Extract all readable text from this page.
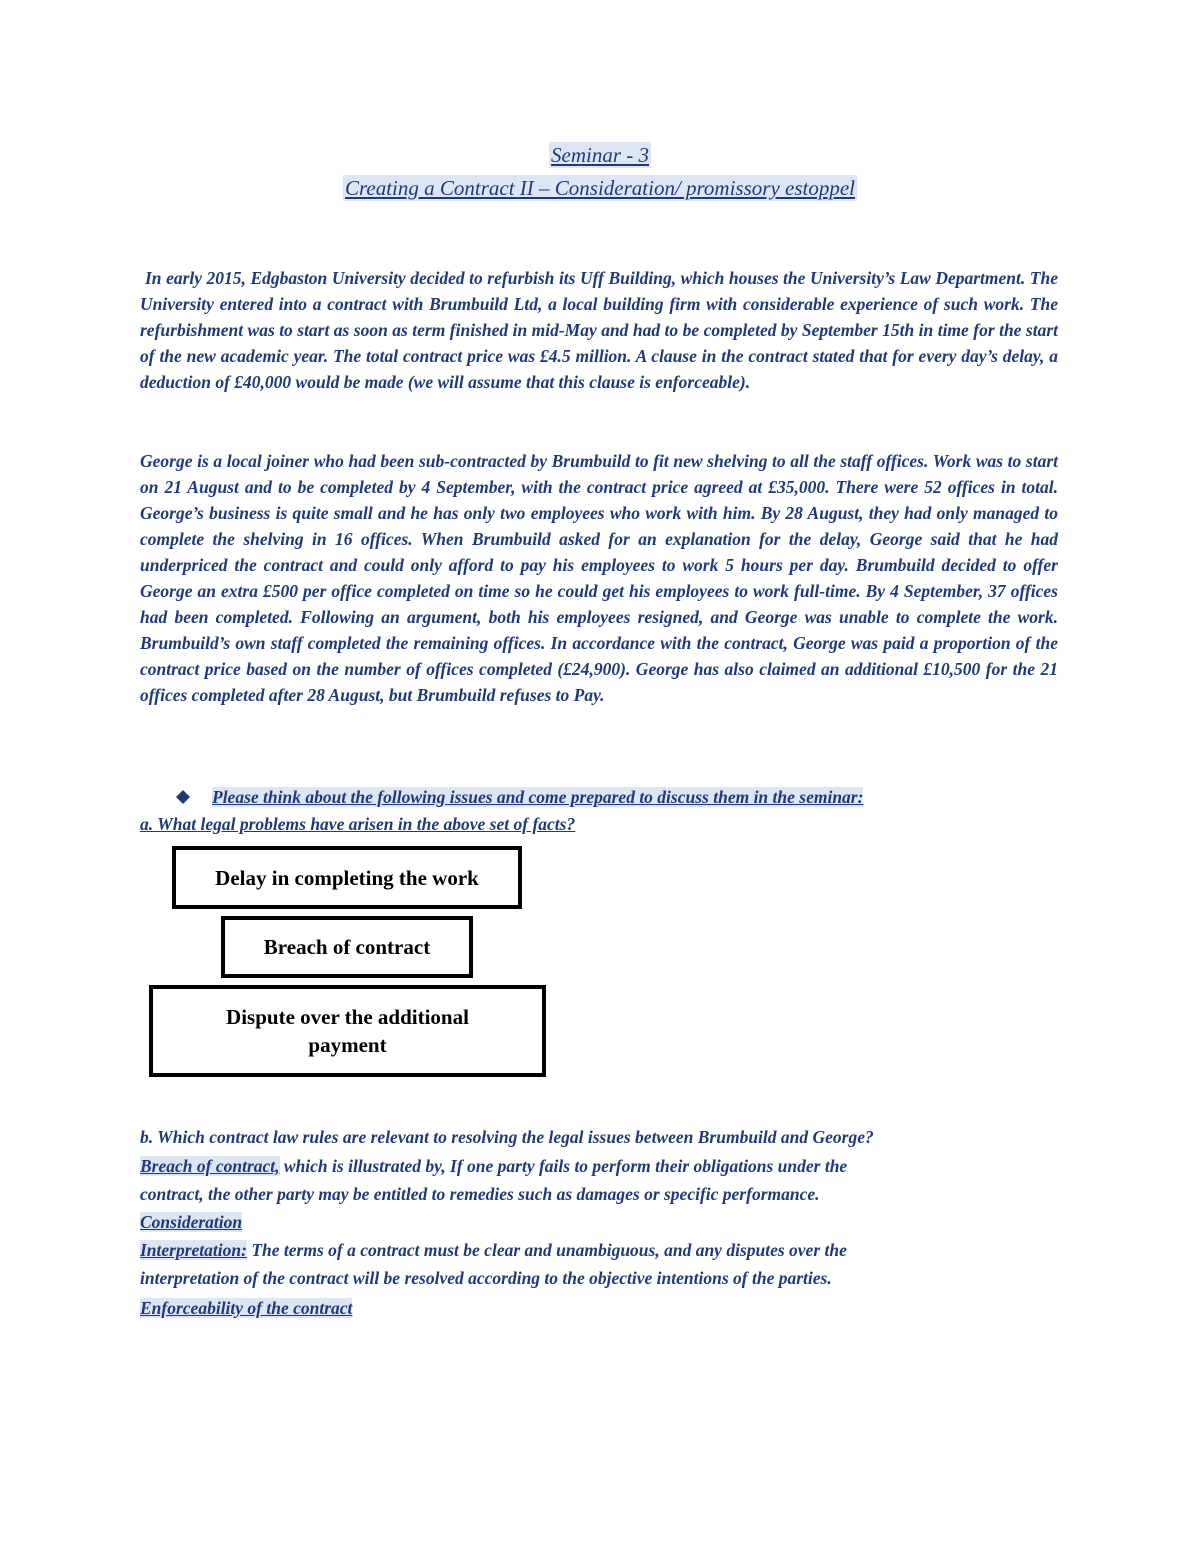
Seminar - 3
Creating a Contract II – Consideration/ promissory estoppel
In early 2015, Edgbaston University decided to refurbish its Uff Building, which houses the University’s Law Department. The University entered into a contract with Brumbuild Ltd, a local building firm with considerable experience of such work. The refurbishment was to start as soon as term finished in mid-May and had to be completed by September 15th in time for the start of the new academic year. The total contract price was £4.5 million. A clause in the contract stated that for every day’s delay, a deduction of £40,000 would be made (we will assume that this clause is enforceable).
George is a local joiner who had been sub-contracted by Brumbuild to fit new shelving to all the staff offices. Work was to start on 21 August and to be completed by 4 September, with the contract price agreed at £35,000. There were 52 offices in total. George’s business is quite small and he has only two employees who work with him. By 28 August, they had only managed to complete the shelving in 16 offices. When Brumbuild asked for an explanation for the delay, George said that he had underpriced the contract and could only afford to pay his employees to work 5 hours per day. Brumbuild decided to offer George an extra £500 per office completed on time so he could get his employees to work full-time. By 4 September, 37 offices had been completed. Following an argument, both his employees resigned, and George was unable to complete the work. Brumbuild’s own staff completed the remaining offices. In accordance with the contract, George was paid a proportion of the contract price based on the number of offices completed (£24,900). George has also claimed an additional £10,500 for the 21 offices completed after 28 August, but Brumbuild refuses to Pay.
Please think about the following issues and come prepared to discuss them in the seminar:
a. What legal problems have arisen in the above set of facts?
Delay in completing the work
Breach of contract
Dispute over the additional payment
b. Which contract law rules are relevant to resolving the legal issues between Brumbuild and George?
Breach of contract, which is illustrated by, If one party fails to perform their obligations under the
contract, the other party may be entitled to remedies such as damages or specific performance.
Consideration
Interpretation: The terms of a contract must be clear and unambiguous, and any disputes over the
interpretation of the contract will be resolved according to the objective intentions of the parties.
Enforceability of the contract
